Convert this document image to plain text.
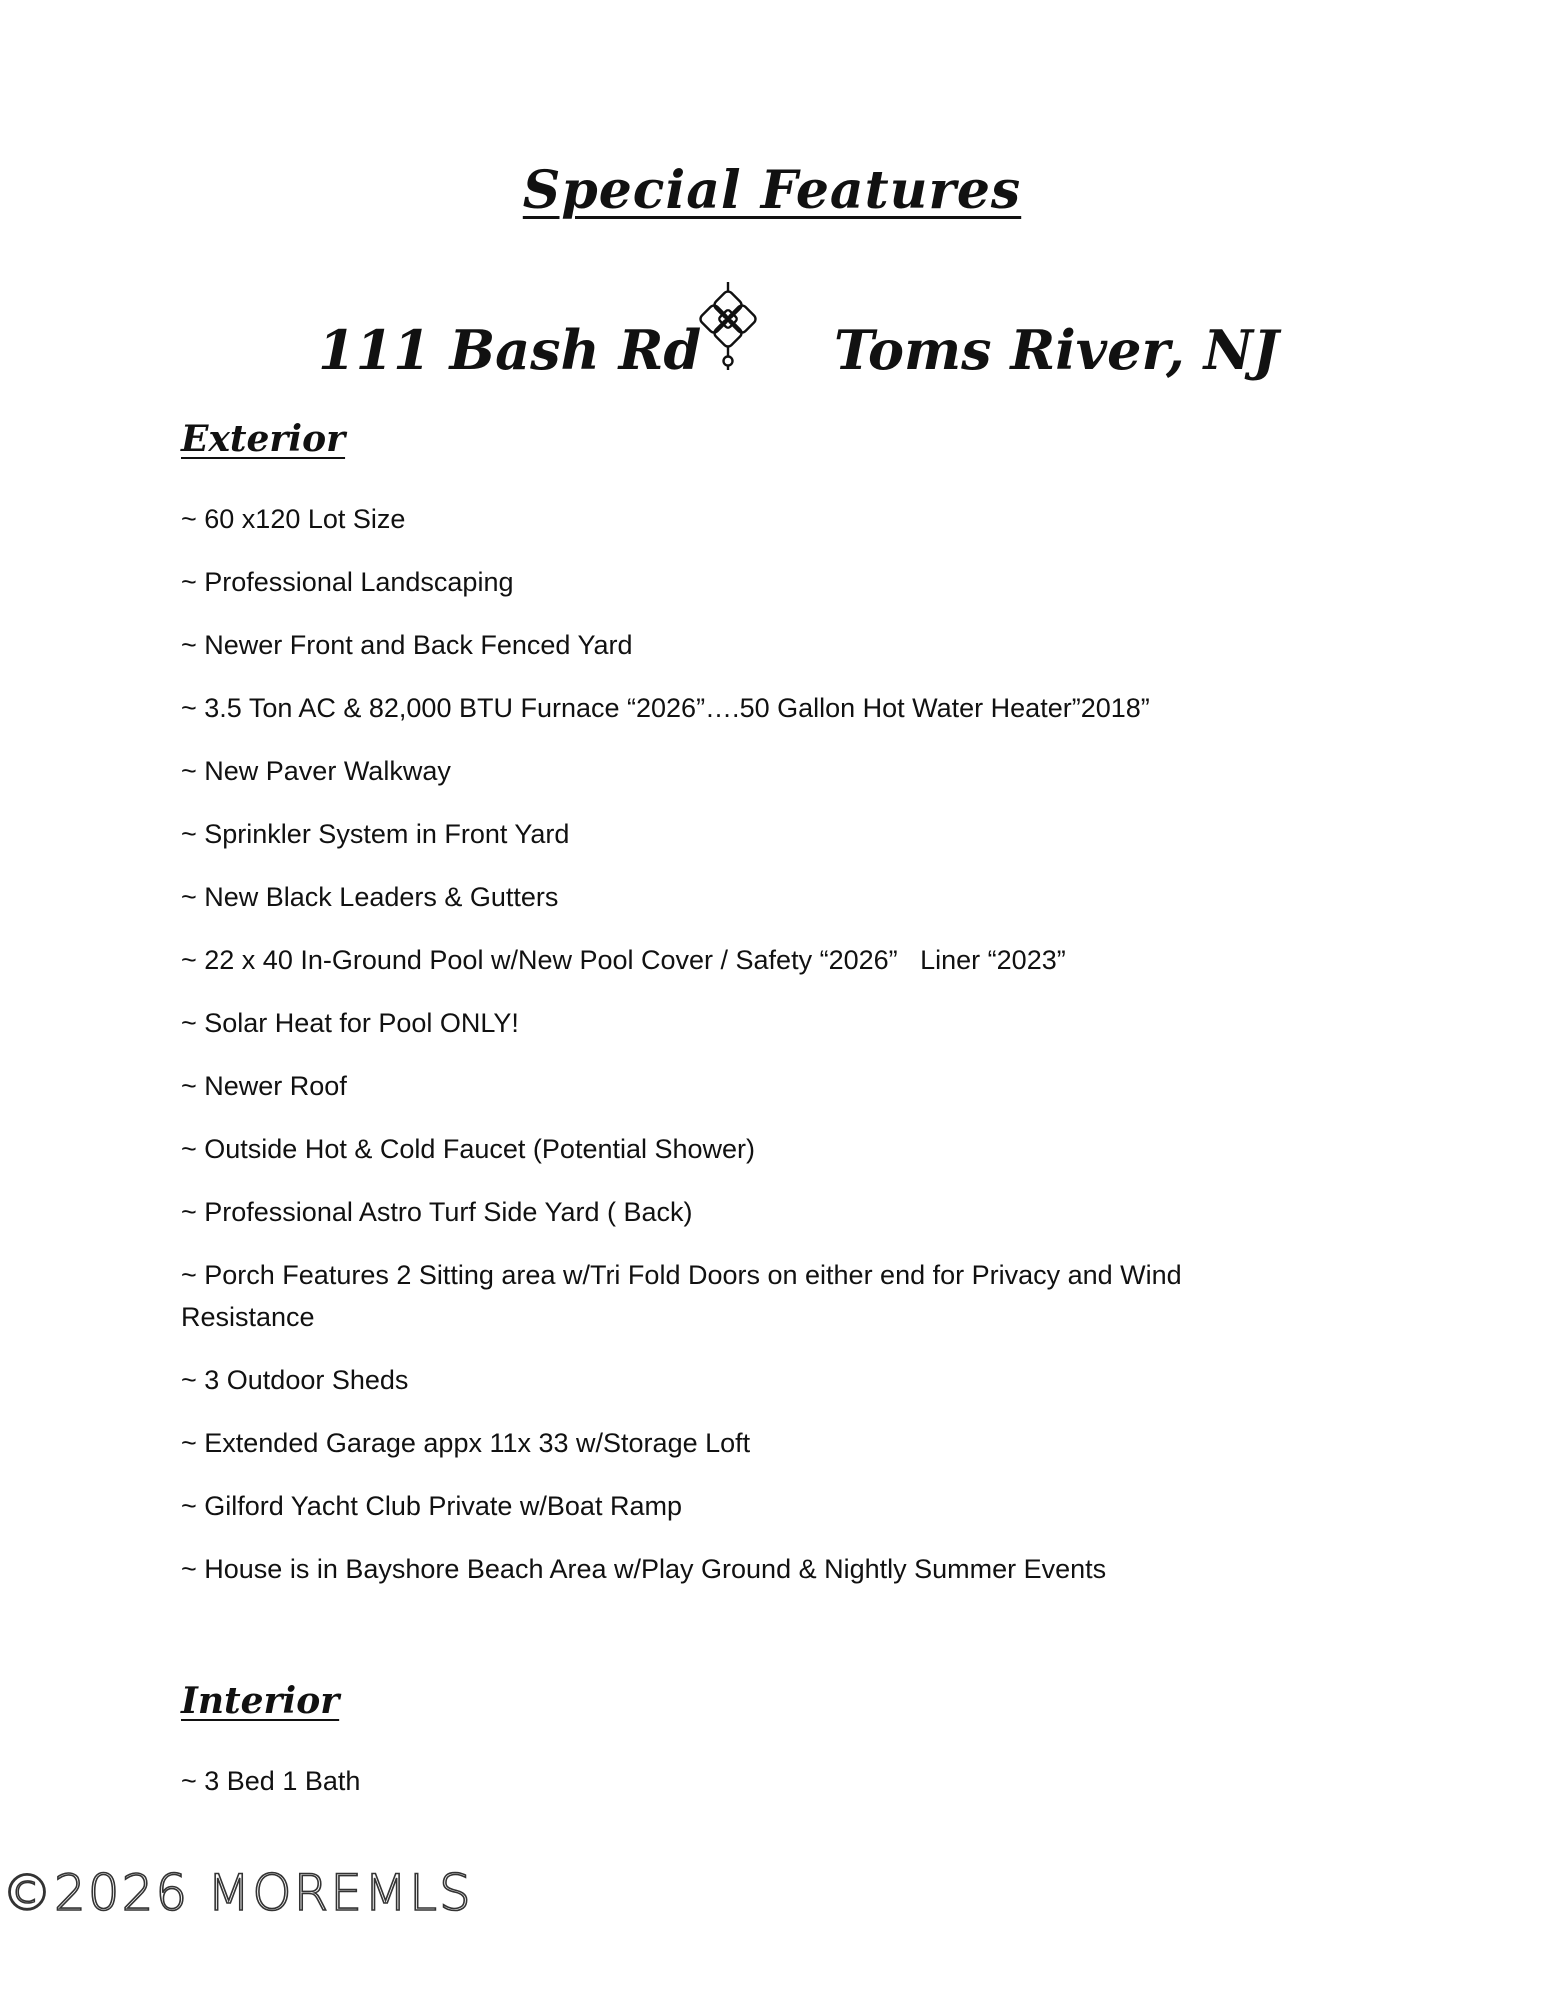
Special Features
111 Bash Rd Toms River, NJ
Exterior
~ 60 x120 Lot Size
~ Professional Landscaping
~ Newer Front and Back Fenced Yard
~ 3.5 Ton AC & 82,000 BTU Furnace “2026”….50 Gallon Hot Water Heater”2018”
~ New Paver Walkway
~ Sprinkler System in Front Yard
~ New Black Leaders & Gutters
~ 22 x 40 In-Ground Pool w/New Pool Cover / Safety “2026”   Liner “2023”
~ Solar Heat for Pool ONLY!
~ Newer Roof
~ Outside Hot & Cold Faucet (Potential Shower)
~ Professional Astro Turf Side Yard ( Back)
~ Porch Features 2 Sitting area w/Tri Fold Doors on either end for Privacy and Wind Resistance
~ 3 Outdoor Sheds
~ Extended Garage appx 11x 33 w/Storage Loft
~ Gilford Yacht Club Private w/Boat Ramp
~ House is in Bayshore Beach Area w/Play Ground & Nightly Summer Events
Interior
~ 3 Bed 1 Bath
©2026 MOREMLS
